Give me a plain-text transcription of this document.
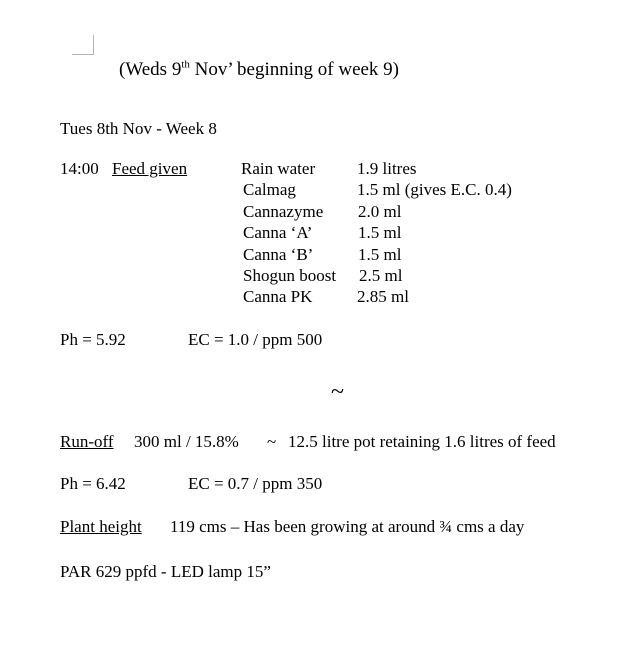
(Weds 9th Nov’ beginning of week 9)
Tues 8th Nov - Week 8
14:00 Feed given	Rain water 1.9 litres
Calmag	1.5 ml (gives E.C. 0.4)
Cannazyme 2.0 ml
Canna ‘A’	1.5 ml
Canna ‘B’	1.5 ml
Shogun boost 2.5 ml
Canna PK	2.85 ml
Ph = 5.92	EC = 1.0 / ppm 500
~
Run-off 300 ml / 15.8% ~ 12.5 litre pot retaining 1.6 litres of feed
Ph = 6.42	EC = 0.7 / ppm 350
Plant height 119 cms – Has been growing at around ¾ cms a day
PAR 629 ppfd - LED lamp 15”
